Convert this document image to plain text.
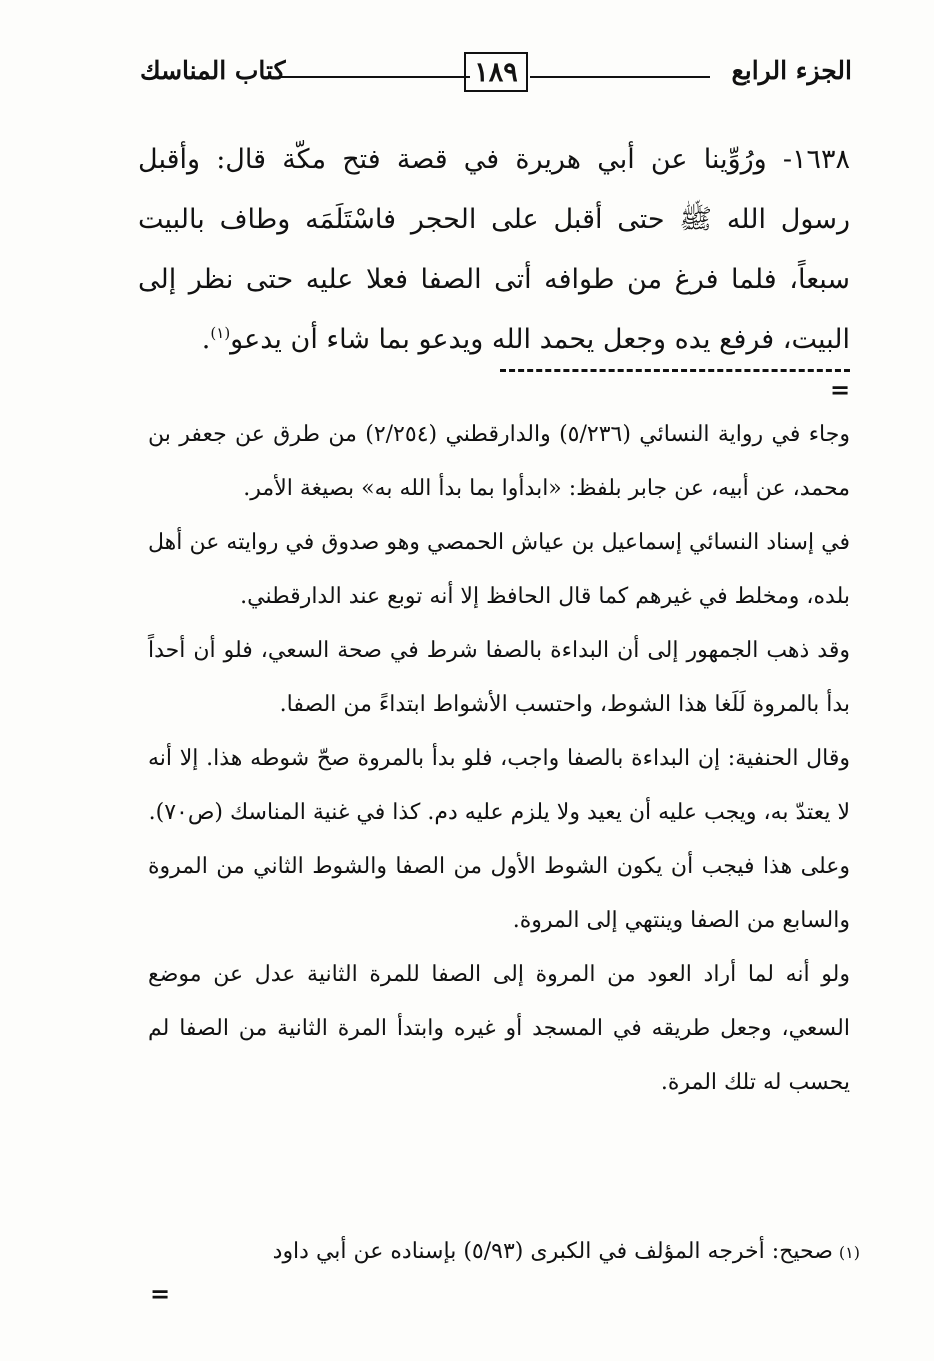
الجزء الرابع
١٨٩
كتاب المناسك

١٦٣٨- ورُوِّينا عن أبي هريرة في قصة فتح مكّة قال: وأقبل رسول الله ﷺ حتى أقبل على الحجر فاسْتَلَمَه وطاف بالبيت سبعاً، فلما فرغ من طوافه أتى الصفا فعلا عليه حتى نظر إلى البيت، فرفع يده وجعل يحمد الله ويدعو بما شاء أن يدعو$^{(١)}$.

=

وجاء في رواية النسائي (٥/٢٣٦) والدارقطني (٢/٢٥٤) من طرق عن جعفر بن محمد، عن أبيه، عن جابر بلفظ: «ابدأوا بما بدأ الله به» بصيغة الأمر.

في إسناد النسائي إسماعيل بن عياش الحمصي وهو صدوق في روايته عن أهل بلده، ومخلط في غيرهم كما قال الحافظ إلا أنه توبع عند الدارقطني.

وقد ذهب الجمهور إلى أن البداءة بالصفا شرط في صحة السعي، فلو أن أحداً بدأ بالمروة لَلَغا هذا الشوط، واحتسب الأشواط ابتداءً من الصفا.

وقال الحنفية: إن البداءة بالصفا واجب، فلو بدأ بالمروة صحّ شوطه هذا. إلا أنه لا يعتدّ به، ويجب عليه أن يعيد ولا يلزم عليه دم. كذا في غنية المناسك (ص٧٠).

وعلى هذا فيجب أن يكون الشوط الأول من الصفا والشوط الثاني من المروة والسابع من الصفا وينتهي إلى المروة.

ولو أنه لما أراد العود من المروة إلى الصفا للمرة الثانية عدل عن موضع السعي، وجعل طريقه في المسجد أو غيره وابتدأ المرة الثانية من الصفا لم يحسب له تلك المرة.

(١)صحيح: أخرجه المؤلف في الكبرى (٥/٩٣) بإسناده عن أبي داود
=
